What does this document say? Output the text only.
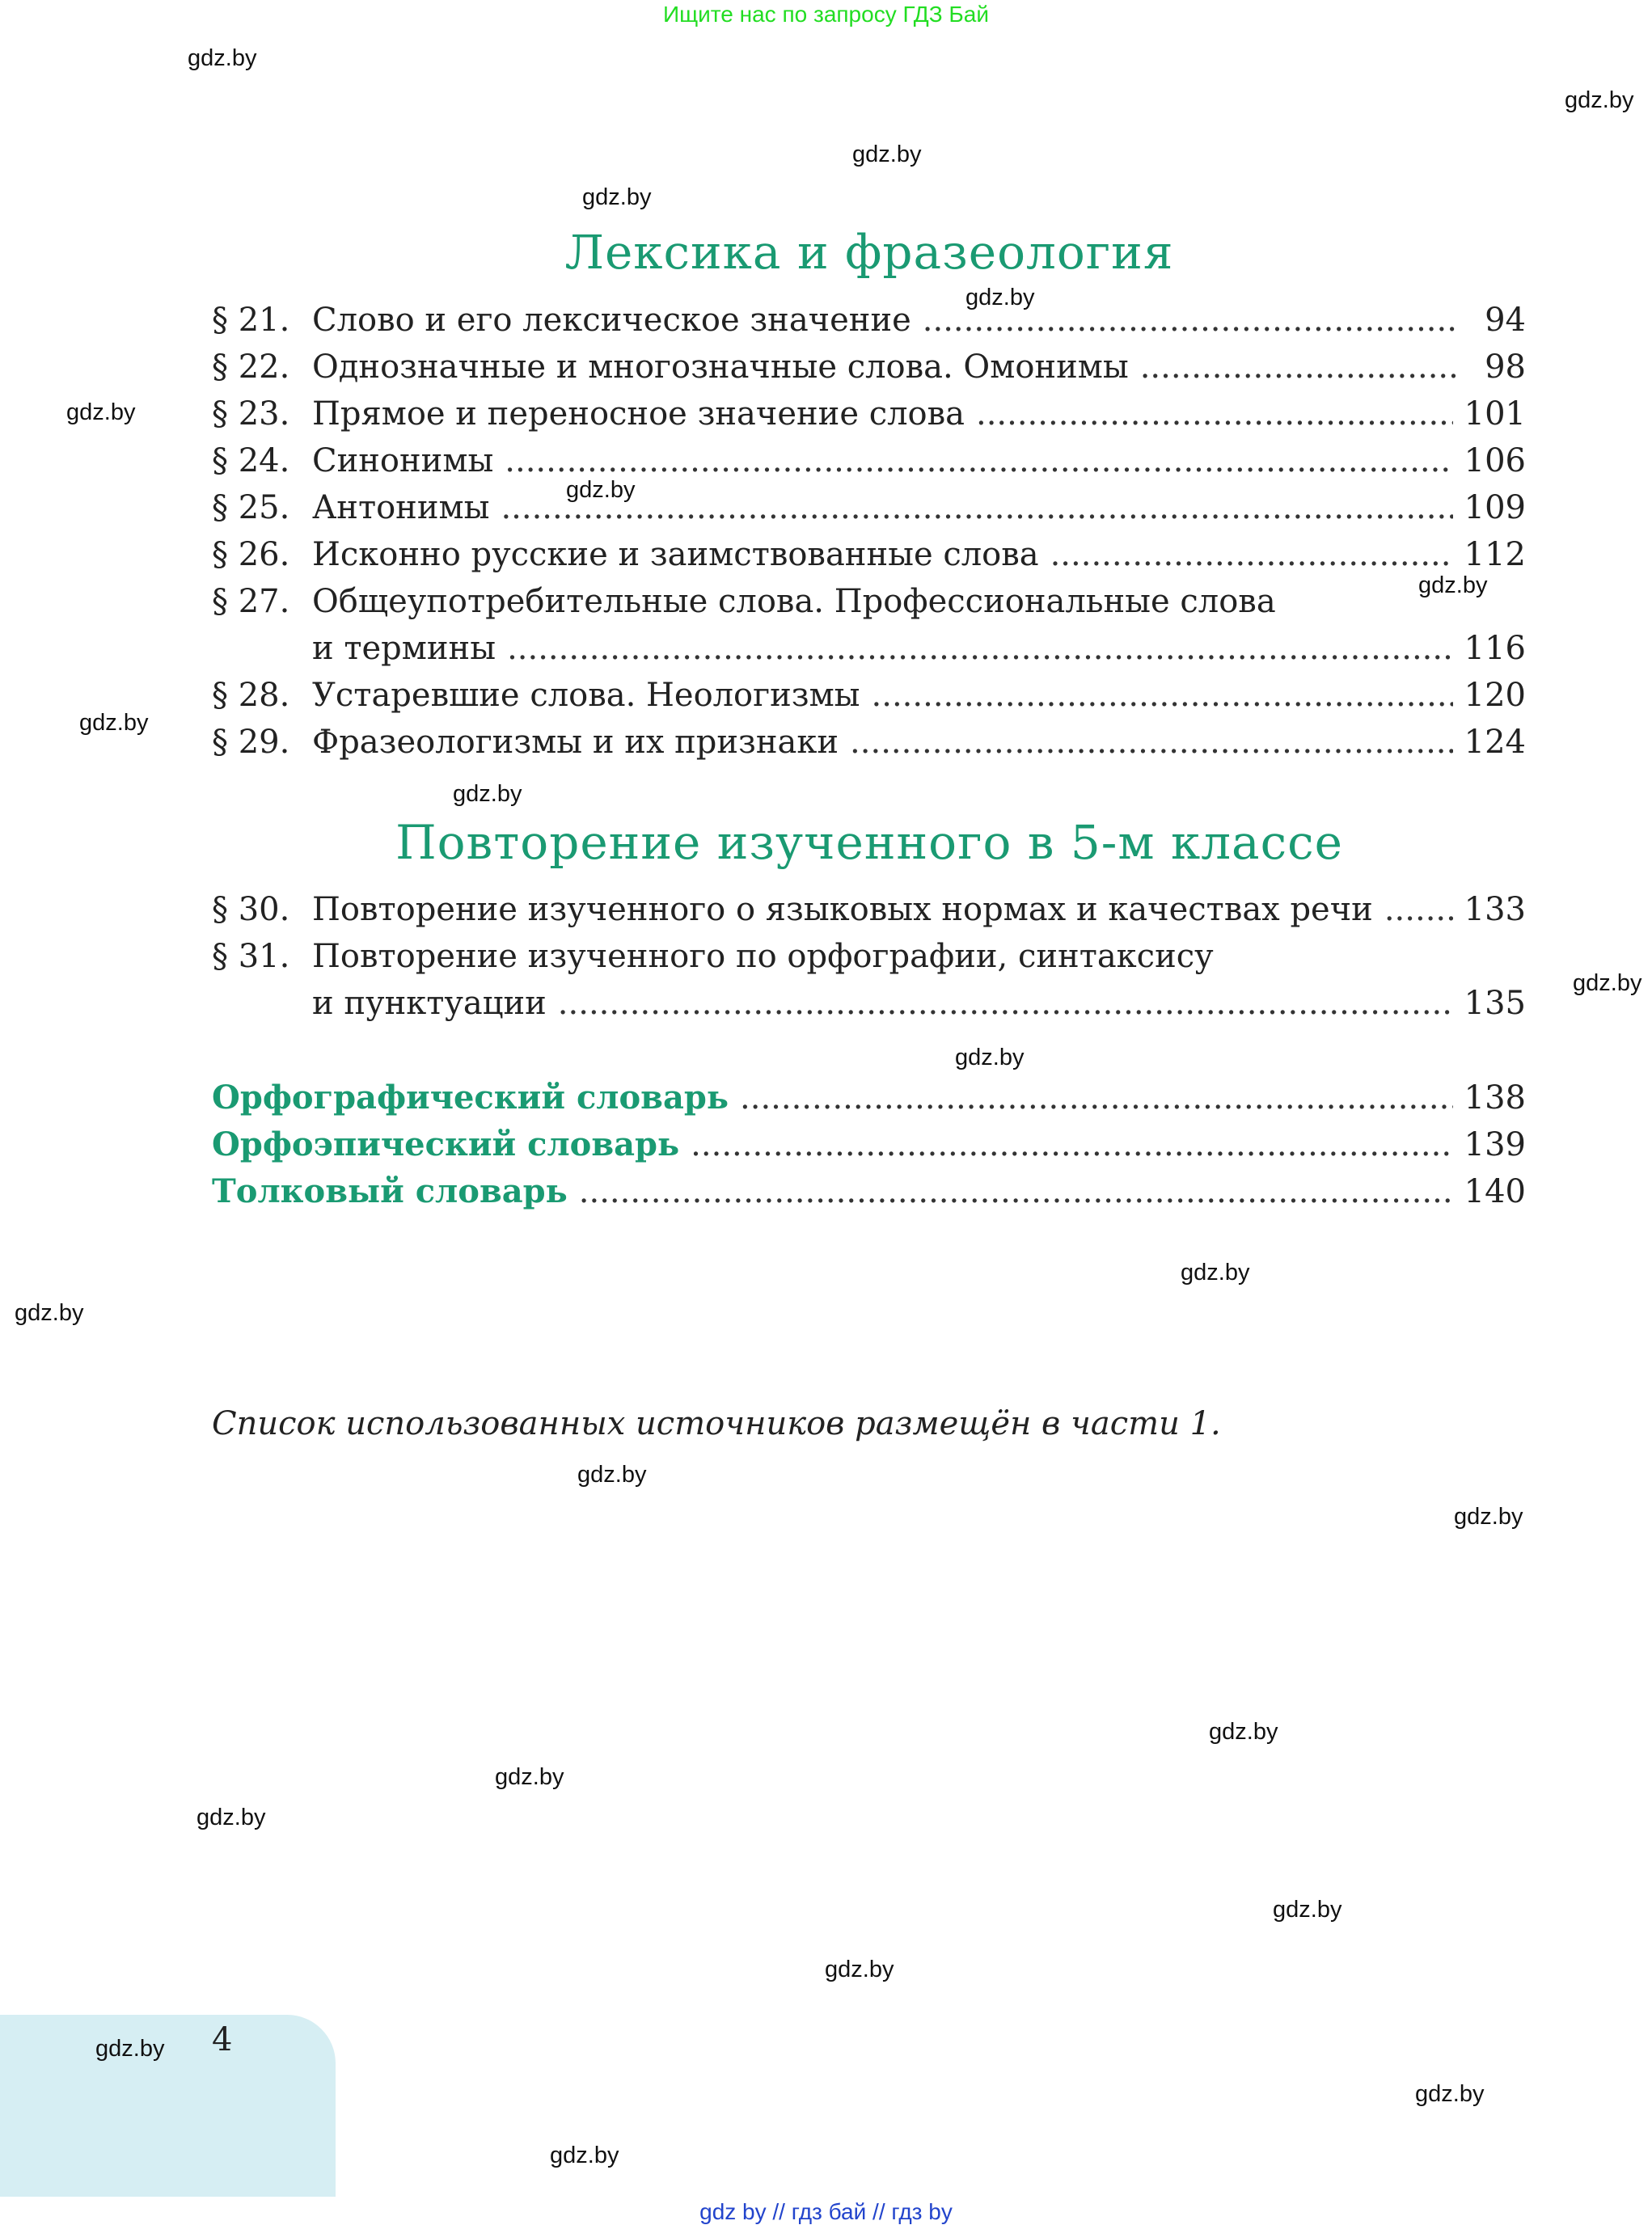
Ищите нас по запросу ГДЗ Бай
gdz.by
gdz.by
gdz.by
gdz.by
gdz.by
gdz.by
gdz.by
gdz.by
gdz.by
gdz.by
gdz.by
gdz.by
gdz.by
gdz.by
gdz.by
gdz.by
gdz.by
gdz.by
gdz.by
gdz.by
gdz.by
gdz.by
gdz.by
Лексика и фразеология
§ 21. Слово и его лексическое значение .....	94
§ 22. Однозначные и многозначные слова. Омонимы .....	98
§ 23. Прямое и переносное значение слова .....	101
§ 24. Синонимы .....	106
§ 25. Антонимы .....	109
§ 26. Исконно русские и заимствованные слова .....	112
§ 27. Общеупотребительные слова. Профессиональные слова
и термины .....	116
§ 28. Устаревшие слова. Неологизмы .....	120
§ 29. Фразеологизмы и их признаки .....	124
Повторение изученного в 5-м классе
§ 30. Повторение изученного о языковых нормах и качествах речи .....	133
§ 31. Повторение изученного по орфографии, синтаксису
и пунктуации .....	135
Орфографический словарь .....	138
Орфоэпический словарь .....	139
Толковый словарь .....	140
Список использованных источников размещён в части 1.
gdz.by 4
gdz by // гдз бай // гдз by
